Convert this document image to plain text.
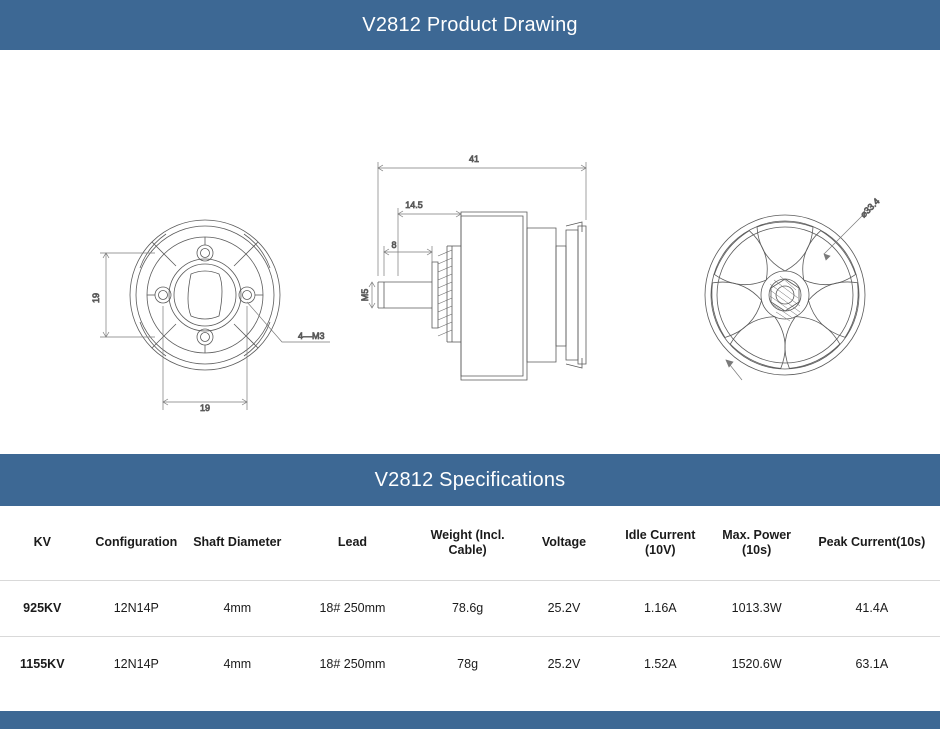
V2812 Product Drawing
19
19
4—M3
41
14.5
8
M5
⌀33.4
V2812 Specifications
KV	Configuration	Shaft Diameter	Lead	Weight (Incl. Cable)	Voltage	Idle Current (10V)	Max. Power (10s)	Peak Current(10s)
925KV	12N14P	4mm	18# 250mm	78.6g	25.2V	1.16A	1013.3W	41.4A
1155KV	12N14P	4mm	18# 250mm	78g	25.2V	1.52A	1520.6W	63.1A
